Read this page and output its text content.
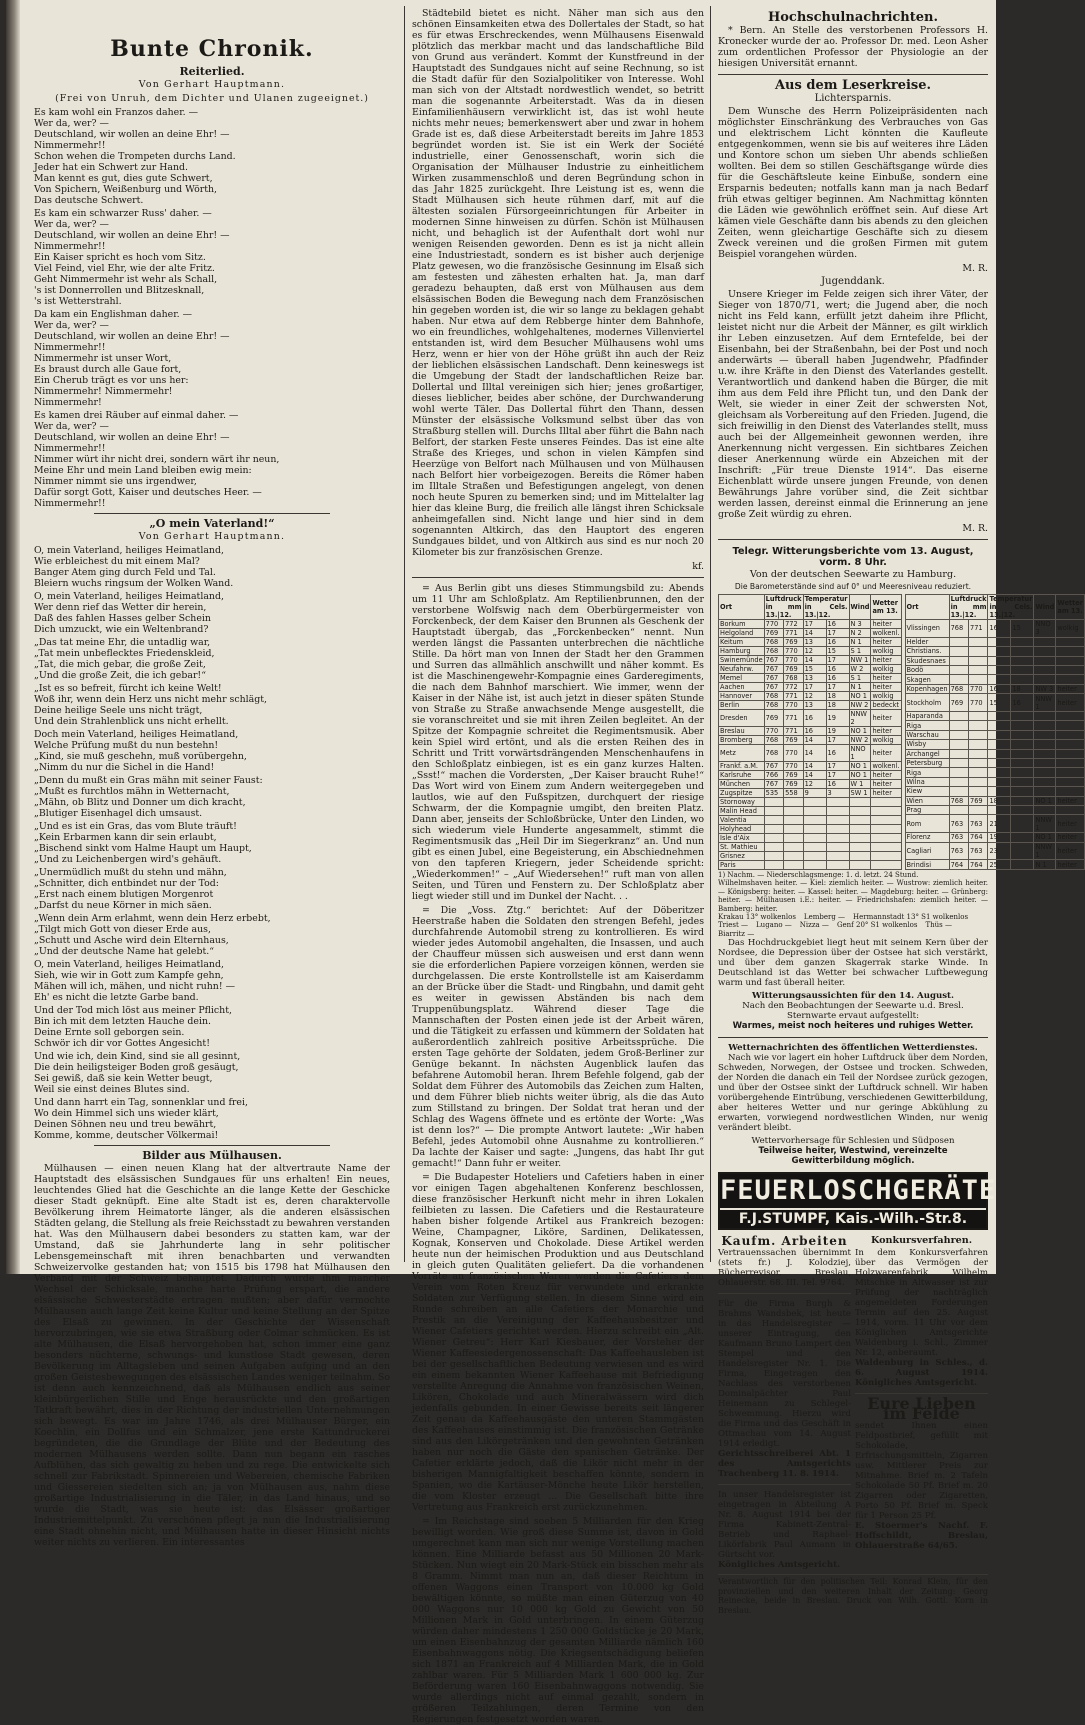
Bunte Chronik.
Reiterlied.
Von Gerhart Hauptmann.
(Frei von Unruh, dem Dichter und Ulanen zugeeignet.)
Es kam wohl ein Franzos daher. —
Wer da, wer? —
Deutschland, wir wollen an deine Ehr! —
Nimmermehr!!
Schon wehen die Trompeten durchs Land.
Jeder hat ein Schwert zur Hand.
Man kennt es gut, dies gute Schwert,
Von Spichern, Weißenburg und Wörth,
Das deutsche Schwert.
Es kam ein schwarzer Russ' daher. —
Wer da, wer? —
Deutschland, wir wollen an deine Ehr! —
Nimmermehr!!
Ein Kaiser spricht es hoch vom Sitz.
Viel Feind, viel Ehr, wie der alte Fritz.
Geht Nimmermehr ist wehr als Schall,
's ist Donnerrollen und Blitzesknall,
's ist Wetterstrahl.
Da kam ein Englishman daher. —
Wer da, wer? —
Deutschland, wir wollen an deine Ehr! —
Nimmermehr!!
Nimmermehr ist unser Wort,
Es braust durch alle Gaue fort,
Ein Cherub trägt es vor uns her:
Nimmermehr! Nimmermehr!
Nimmermehr!
Es kamen drei Räuber auf einmal daher. —
Wer da, wer? —
Deutschland, wir wollen an deine Ehr! —
Nimmermehr!!
Nimmer würt ihr nicht drei, sondern wärt ihr neun,
Meine Ehr und mein Land bleiben ewig mein:
Nimmer nimmt sie uns irgendwer,
Dafür sorgt Gott, Kaiser und deutsches Heer. —
Nimmermehr!!
„O mein Vaterland!“
Von Gerhart Hauptmann.
O, mein Vaterland, heiliges Heimatland,
Wie erbleichest du mit einem Mal?
Banger Atem ging durch Feld und Tal.
Bleiern wuchs ringsum der Wolken Wand.
O, mein Vaterland, heiliges Heimatland,
Wer denn rief das Wetter dir herein,
Daß des fahlen Hasses gelber Schein
Dich umzuckt, wie ein Weltenbrand?
„Das tat meine Ehr, die untadlig war,
„Tat mein unbeflecktes Friedenskleid,
„Tat, die mich gebar, die große Zeit,
„Und die große Zeit, die ich gebar!“
„Ist es so befreit, fürcht ich keine Welt!
Woß ihr, wenn dein Herz uns nicht mehr schlägt,
Deine heilige Seele uns nicht trägt,
Und dein Strahlenblick uns nicht erhellt.
Doch mein Vaterland, heiliges Heimatland,
Welche Prüfung mußt du nun bestehn!
„Kind, sie muß geschehn, muß vorübergehn,
„Nimm du nur die Sichel in die Hand!
„Denn du mußt ein Gras mähn mit seiner Faust:
„Mußt es furchtlos mähn in Wetternacht,
„Mähn, ob Blitz und Donner um dich kracht,
„Blutiger Eisenhagel dich umsaust.
„Und es ist ein Gras, das vom Blute träuft!
„Kein Erbarmen kann dir sein erlaubt,
„Bischend sinkt vom Halme Haupt um Haupt,
„Und zu Leichenbergen wird's gehäuft.
„Unermüdlich mußt du stehn und mähn,
„Schnitter, dich entbindet nur der Tod:
„Erst nach einem blutigen Morgenrot
„Darfst du neue Körner in mich säen.
„Wenn dein Arm erlahmt, wenn dein Herz erbebt,
„Tilgt mich Gott von dieser Erde aus,
„Schutt und Asche wird dein Elternhaus,
„Und der deutsche Name hat gelebt.“
O, mein Vaterland, heiliges Heimatland,
Sieh, wie wir in Gott zum Kampfe gehn,
Mähen will ich, mähen, und nicht ruhn! —
Eh' es nicht die letzte Garbe band.
Und der Tod mich löst aus meiner Pflicht,
Bin ich mit dem letzten Hauche dein.
Deine Ernte soll geborgen sein.
Schwör ich dir vor Gottes Angesicht!
Und wie ich, dein Kind, sind sie all gesinnt,
Die dein heiligsteiger Boden groß gesäugt,
Sei gewiß, daß sie kein Wetter beugt,
Weil sie einst deines Blutes sind.
Und dann harrt ein Tag, sonnenklar und frei,
Wo dein Himmel sich uns wieder klärt,
Deinen Söhnen neu und treu bewährt,
Komme, komme, deutscher Völkermai!
Bilder aus Mülhausen.
Mülhausen — einen neuen Klang hat der altvertraute Name der Hauptstadt des elsässischen Sundgaues für uns erhalten! Ein neues, leuchtendes Glied hat die Geschichte an die lange Kette der Geschicke dieser Stadt geknüpft. Eine alte Stadt ist es, deren charaktervolle Bevölkerung ihrem Heimatorte länger, als die anderen elsässischen Städten gelang, die Stellung als freie Reichsstadt zu bewahren verstanden hat. Was den Mülhausern dabei besonders zu statten kam, war der Umstand, daß sie Jahrhunderte lang in sehr politischer Lebensgemeinschaft mit ihren benachbarten und verwandten Schweizervolke gestanden hat; von 1515 bis 1798 hat Mülhausen den Verband mit der Schweiz behauptet. Dadurch wurde ihm mancher Wechsel der Schicksale, manche harte Prüfung erspart, die andere elsässische Schwesterstädte ertragen mußten; aber dafür vermochte Mülhausen auch lange Zeit keine Kultur und keine Stellung an der Spitze des Elsaß zu gewinnen. In der Geschichte der Wissenschaft hervorzubringen, wie sie etwa Straßburg oder Colmar schmücken. Es ist alte Mülhausen, die Elsaß hervorgehoben hat, schon immer eine ganz besonders nüchterne, schwungs- und kunstlose Stadt gewesen, deren Bevölkerung im Alltagsleben und seinen Aufgaben aufging und an den großen Geistesbewegungen des elsässischen Landes weniger teilnahm. So ist denn auch kennzeichnend, daß als Mülhausen endlich aus seiner kleinbürgerlichen Stille und Enge herausrückte und den großartigen Tatkraft bewährt, dies in der Richtung der industriellen Unternehmungen sich bewegt. Es war im Jahre 1746, als drei Mülhauser Bürger, ein Koechlin, ein Dollfus und ein Schmalzer, jene erste Kattundruckerei begründeten, die die Grundlage der Blüte und der Bedeutung des modernen Mülhausens werden sollte. Dann nun begann ein rasches Aufblühen, das sich gewaltig zu heben und zu rege. Die entwickelte sich schnell zur Fabrikstadt. Spinnereien und Webereien, chemische Fabriken und Giessereien siedelten sich an; ja von Mülhausen aus, nahm diese großartige Industrialisierung in die Täler, in das Land hinaus, und so wurde die Stadt, was sie heute ist: das Elsässer großartiger Industriemittelpunkt. Zu verschönen pflegt ja nun die Industrialisierung eine Stadt ohnehin nicht, und Mülhausen hatte in dieser Hinsicht nichts weiter nichts zu verlieren. Ein interessantes
Städtebild bietet es nicht. Näher man sich aus den schönen Einsamkeiten etwa des Dollertales der Stadt, so hat es für etwas Erschreckendes, wenn Mülhausens Eisenwald plötzlich das merkbar macht und das landschaftliche Bild von Grund aus verändert. Kommt der Kunstfreund in der Hauptstadt des Sundgaues nicht auf seine Rechnung, so ist die Stadt dafür für den Sozialpolitiker von Interesse. Wohl man sich von der Altstadt nordwestlich wendet, so betritt man die sogenannte Arbeiterstadt. Was da in diesen Einfamilienhäusern verwirklicht ist, das ist wohl heute nichts mehr neues; bemerkenswert aber und zwar in hohem Grade ist es, daß diese Arbeiterstadt bereits im Jahre 1853 begründet worden ist. Sie ist ein Werk der Société industrielle, einer Genossenschaft, worin sich die Organisation der Mülhauser Industrie zu einheitlichem Wirken zusammenschloß und deren Begründung schon in das Jahr 1825 zurückgeht. Ihre Leistung ist es, wenn die Stadt Mülhausen sich heute rühmen darf, mit auf die ältesten sozialen Fürsorgeeinrichtungen für Arbeiter in modernen Sinne hinweisen zu dürfen. Schön ist Mülhausen nicht, und behaglich ist der Aufenthalt dort wohl nur wenigen Reisenden geworden. Denn es ist ja nicht allein eine Industriestadt, sondern es ist bisher auch derjenige Platz gewesen, wo die französische Gesinnung im Elsaß sich am festesten und zähesten erhalten hat. Ja, man darf geradezu behaupten, daß erst von Mülhausen aus dem elsässischen Boden die Bewegung nach dem Französischen hin gegeben worden ist, die wir so lange zu beklagen gehabt haben. Nur etwa auf dem Rebberge hinter dem Bahnhofe, wo ein freundliches, wohlgehaltenes, modernes Villenviertel entstanden ist, wird dem Besucher Mülhausens wohl ums Herz, wenn er hier von der Höhe grüßt ihn auch der Reiz der lieblichen elsässischen Landschaft. Denn keineswegs ist die Umgebung der Stadt der landschaftlichen Reize bar. Dollertal und Illtal vereinigen sich hier; jenes großartiger, dieses lieblicher, beides aber schöne, der Durchwanderung wohl werte Täler. Das Dollertal führt den Thann, dessen Münster der elsässische Volksmund selbst über das von Straßburg stellen will. Durchs Illtal aber führt die Bahn nach Belfort, der starken Feste unseres Feindes. Das ist eine alte Straße des Krieges, und schon in vielen Kämpfen sind Heerzüge von Belfort nach Mülhausen und von Mülhausen nach Belfort hier vorbeigezogen. Bereits die Römer haben im Illtale Straßen und Befestigungen angelegt, von denen noch heute Spuren zu bemerken sind; und im Mittelalter lag hier das kleine Burg, die freilich alle längst ihren Schicksale anheimgefallen sind. Nicht lange und hier sind in dem sogenannten Altkirch, das den Hauptort des engeren Sundgaues bildet, und von Altkirch aus sind es nur noch 20 Kilometer bis zur französischen Grenze.
kf.
= Aus Berlin gibt uns dieses Stimmungsbild zu: Abends um 11 Uhr am Schloßplatz. Am Reptilienbrunnen, den der verstorbene Wolfswig nach dem Oberbürgermeister von Forckenbeck, der dem Kaiser den Brunnen als Geschenk der Hauptstadt übergab, das „Forckenbecken“ nennt. Nun werden längst die Passanten unterbrechen die nächtliche Stille. Da hört man von Innen der Stadt her den Grammen und Surren das allmählich anschwillt und näher kommt. Es ist die Maschinengewehr-Kompagnie eines Garderegiments, die nach dem Bahnhof marschiert. Wie immer, wenn der Kaiser in der Nähe ist, ist auch jetzt in dieser späten Stunde von Straße zu Straße anwachsende Menge ausgestellt, die sie voranschreitet und sie mit ihren Zeilen begleitet. An der Spitze der Kompagnie schreitet die Regimentsmusik. Aber kein Spiel wird ertönt, und als die ersten Reihen des in Schritt und Tritt vorwärtsdrängenden Menschenhaufens in den Schloßplatz einbiegen, ist es ein ganz kurzes Halten. „Ssst!“ machen die Vordersten, „Der Kaiser braucht Ruhe!“ Das Wort wird von Einem zum Andern weitergegeben und lautlos, wie auf den Fußspitzen, durchquert der riesige Schwarm, der die Kompagnie umgibt, den breiten Platz. Dann aber, jenseits der Schloßbrücke, Unter den Linden, wo sich wiederum viele Hunderte angesammelt, stimmt die Regimentsmusik das „Heil Dir im Siegerkranz“ an. Und nun gibt es einen Jubel, eine Begeisterung, ein Abschiednehmen von den tapferen Kriegern, jeder Scheidende spricht: „Wiederkommen!“ – „Auf Wiedersehen!“ ruft man von allen Seiten, und Türen und Fenstern zu. Der Schloßplatz aber liegt wieder still und im Dunkel der Nacht. . .
= Die „Voss. Ztg.“ berichtet: Auf der Döberitzer Heerstraße haben die Soldaten den strengen Befehl, jedes durchfahrende Automobil streng zu kontrollieren. Es wird wieder jedes Automobil angehalten, die Insassen, und auch der Chauffeur müssen sich ausweisen und erst dann wenn sie die erforderlichen Papiere vorzeigen können, werden sie durchgelassen. Die erste Kontrollstelle ist am Kaiserdamm an der Brücke über die Stadt- und Ringbahn, und damit geht es weiter in gewissen Abständen bis nach dem Truppenübungsplatz. Während dieser Tage die Mannschaften der Posten einen jede ist der Arbeit wären, und die Tätigkeit zu erfassen und kümmern der Soldaten hat außerordentlich zahlreich positive Arbeitssprüche. Die ersten Tage gehörte der Soldaten, jedem Groß-Berliner zur Genüge bekannt. In nächsten Augenblick laufen das befahrene Automobil heran. Ihrem Befehle folgend, gab der Soldat dem Führer des Automobils das Zeichen zum Halten, und dem Führer blieb nichts weiter übrig, als die das Auto zum Stillstand zu bringen. Der Soldat trat heran und der Schlag des Wagens öffnete und es ertönte der Worte: „Was ist denn los?“ — Die prompte Antwort lautete: „Wir haben Befehl, jedes Automobil ohne Ausnahme zu kontrollieren.“ Da lachte der Kaiser und sagte: „Jungens, das habt Ihr gut gemacht!“ Dann fuhr er weiter.
= Die Budapester Hoteliers und Cafetiers haben in einer vor einigen Tagen abgehaltenen Konferenz beschlossen, diese französischer Herkunft nicht mehr in ihren Lokalen feilbieten zu lassen. Die Cafetiers und die Restaurateure haben bisher folgende Artikel aus Frankreich bezogen: Weine, Champagner, Liköre, Sardinen, Delikatessen, Kognak, Konserven und Chokolade. Diese Artikel werden heute nun der heimischen Produktion und aus Deutschland in gleich guten Qualitäten geliefert. Da die vorhandenen Vorräte an französischen Waren werden die Cafetiers dem Verein vom Roten Kreuz für verwundete und erkrankte Soldaten zur Verfügung stellen. In diesem Sinne wird ein Runde schreiben an alle Cafetiers der Monarchie und Prestik an die Vereinigung der Kaffeehausbesitzer und Wiener Cafetiers gerichtet werden. Hierzu schreibt ein „Alt. Wiener Getreu“: Herr Karl Kiesbauer, der Vorsteher der Wiener Kaffeesiedergenossenschaft: Das Kaffeehausleben ist bei der gesellschaftlichen Bedeutung verwiesen und es wird ein einem bekannten Wiener Kaffeehause mit Befriedigung verstellte Anregung die Annahme von französischen Weinen, Likören, Chokolade und auch Mineralwässern wird dich jedenfalls gebunden. In einer Gewisse bereits seit längerer Zeit genau da Kaffeehausgäste den unteren Stammgästen des Kaffeehauses einstimmig ist. Die französischen Getränke sind aus den Likörgetränken und den gewohnten Getränken haben nur noch die Gäste den spanischen Getränke. Der Cafetier erklärte jedoch, daß die Likör nicht mehr in der bisherigen Mannigfaltigkeit beschaffen könnte, sondern in Spanien, wo die Kartäuser-Mönche heute Likör herstellen, die vom Kloster erzeugt ... Die Gesellschaft bitte ihre Vertretung aus Frankreich erst zurückzunehmen.
= Im Reichstage sind soeben 5 Milliarden für den Krieg bewilligt worden. Wie groß diese Summe ist, davon in Gold umgerechnet kann man sich nur wenige Vorstellung machen können. Eine Milliarde befasst aus 50 Millionen 20 Mark-Stücken. Nun wiegt ein 20 Mark-Stück ein bisschen mehr als 8 Gramm. Nimmt man nun an, daß dieser Reichtum in offenen Waggons einen Transport von 10.000 kg Gold bewältigen könnte, so müßte man einen Güterzug von 40 000 Waggons nur 10 000 kg Gold zu Gewicht von 50 Millionen Mark in Gold unterbringen. In einem Güterzug würden daher mindestens 1 250 000 Goldstücke je 20 Mark, um einen Eisenbahnzug der gesamten Milliarde nämlich 160 Eisenbahnwaggons nötig. Die Kriegsentschädigung beliefen sich 1871 an Frankreich auf 4 Milliarden Mark, die in Gold zahlbar waren. Für 5 Milliarden Mark 1 600 000 kg. Zur Beförderung waren 160 Eisenbahnwaggons notwendig. Sie wurde allerdings nicht auf einmal gezahlt, sondern in größeren Teilzahlungen, deren Termine von den Regierungen festgesetzt worden waren.
Hochschulnachrichten.
* Bern. An Stelle des verstorbenen Professors H. Kronecker wurde der ao. Professor Dr. med. Leon Asher zum ordentlichen Professor der Physiologie an der hiesigen Universität ernannt.
Aus dem Leserkreise.
Lichtersparnis.
Dem Wunsche des Herrn Polizeipräsidenten nach möglichster Einschränkung des Verbrauches von Gas und elektrischem Licht könnten die Kaufleute entgegenkommen, wenn sie bis auf weiteres ihre Läden und Kontore schon um sieben Uhr abends schließen wollten. Bei dem so stillen Geschäftsgange würde dies für die Geschäftsleute keine Einbuße, sondern eine Ersparnis bedeuten; notfalls kann man ja nach Bedarf früh etwas geltiger beginnen. Am Nachmittag könnten die Läden wie gewöhnlich eröffnet sein. Auf diese Art kämen viele Geschäfte dann bis abends zu den gleichen Zeiten, wenn gleichartige Geschäfte sich zu diesem Zweck vereinen und die großen Firmen mit gutem Beispiel vorangehen würden.
M. R.
Jugenddank.
Unsere Krieger im Felde zeigen sich ihrer Väter, der Sieger von 1870/71, wert; die Jugend aber, die noch nicht ins Feld kann, erfüllt jetzt daheim ihre Pflicht, leistet nicht nur die Arbeit der Männer, es gilt wirklich ihr Leben einzusetzen. Auf dem Erntefelde, bei der Eisenbahn, bei der Straßenbahn, bei der Post und noch anderwärts — überall haben Jugendwehr, Pfadfinder u.w. ihre Kräfte in den Dienst des Vaterlandes gestellt. Verantwortlich und dankend haben die Bürger, die mit ihm aus dem Feld ihre Pflicht tun, und den Dank der Welt, sie wieder in einer Zeit der schwersten Not, gleichsam als Vorbereitung auf den Frieden. Jugend, die sich freiwillig in den Dienst des Vaterlandes stellt, muss auch bei der Allgemeinheit gewonnen werden, ihre Anerkennung nicht vergessen. Ein sichtbares Zeichen dieser Anerkennung würde ein Abzeichen mit der Inschrift: „Für treue Dienste 1914“. Das eiserne Eichenblatt würde unsere jungen Freunde, von denen Bewährungs Jahre vorüber sind, die Zeit sichtbar werden lassen, dereinst einmal die Erinnerung an jene große Zeit würdig zu ehren.
M. R.
Telegr. Witterungsberichte vom 13. August, vorm. 8 Uhr.
Von der deutschen Seewarte zu Hamburg.
Die Barometerstände sind auf 0° und Meeresniveau reduziert.
Ort	Luftdruck in mm 13.|12.		Temperatur in Cels. 13.|12.		Wind	Wetter am 13.
Borkum	770	772	17	16	N 3	heiter
Helgoland	769	771	14	17	N 2	wolkenl.
Keitum	768	769	13	16	N 1	heiter
Hamburg	768	770	12	15	S 1	wolkig
Swinemünde	767	770	14	17	NW 1	heiter
Neufahrw.	767	769	15	16	W 2	wolkig
Memel	767	768	13	16	S 1	heiter
Aachen	767	772	17	17	N 1	heiter
Hannover	768	771	12	18	NO 1	wolkig
Berlin	768	770	13	18	NW 2	bedeckt
Dresden	769	771	16	19	NNW 2	heiter
Breslau	770	771	16	19	NO 1	heiter
Bromberg	768	769	14	17	NW 2	wolkig
Metz	768	770	14	16	NNO 1	heiter
Frankf. a.M.	767	770	14	17	NO 1	wolkenl.
Karlsruhe	766	769	14	17	NO 1	heiter
München	767	769	12	16	W 1	heiter
Zugspitze	535	558	9	3	SW 1	heiter
Stornoway						
Malin Head						
Valentia						
Holyhead						
Isle d'Aix						
St. Mathieu						
Grisnez						
Paris						
Ort	Luftdruck in mm 13.|12.		Temperatur in Cels. 13.|12.		Wind	Wetter am 13.
Vlissingen	768	771	16	15	NNO 3	wolkig
Helder						
Christians.						
Skudesnaes						
Bodö						
Skagen						
Kopenhagen	768	770	16	18	NW 3	heiter
Stockholm	769	770	15	16	NNW 1	heiter
Haparanda						
Riga						
Warschau						
Wisby						
Archangel						
Petersburg						
Riga						
Wilna						
Kiew						
Wien	768	769	18		NO 1	heiter
Prag						
Rom	763	763	21		NNW 1	heiter
Florenz	763	764	19		NO 1	heiter
Cagliari	763	763	23		NNW 1	heiter
Brindisi	764	764	25		N 1	heiter
1) Nachm. — Niederschlagsmenge: 1. d. letzt. 24 Stund.
Wilhelmshaven heiter. — Kiel: ziemlich heiter. — Wustrow: ziemlich heiter. — Königsberg: heiter. — Kassel: heiter. — Magdeburg: heiter. — Grünberg: heiter. — Mülhausen i.E.: heiter. — Friedrichshafen: ziemlich heiter. — Bamberg: heiter.
Krakau 13° wolkenlos Lemberg — Hermannstadt 13° S1 wolkenlos
Triest — Lugano — Nizza — Genf 20° S1 wolkenlos Thüs —
Biarritz —
Das Hochdruckgebiet liegt heut mit seinem Kern über der Nordsee, die Depression über der Ostsee hat sich verstärkt, und über dem ganzen Skagerrak starke Winde. In Deutschland ist das Wetter bei schwacher Luftbewegung warm und fast überall heiter.
Witterungsaussichten für den 14. August.
Nach den Beobachtungen der Seewarte u.d. Bresl. Sternwarte ervaut aufgestellt:
Warmes, meist noch heiteres und ruhiges Wetter.
Wetternachrichten des öffentlichen Wetterdienstes.
Nach wie vor lagert ein hoher Luftdruck über dem Norden, Schweden, Norwegen, der Ostsee und trocken. Schweden, der Norden die danach ein Teil der Nordsee zurück gezogen, und über der Ostsee sinkt der Luftdruck schnell. Wir haben vorübergehende Eintrübung, verschiedenen Gewitterbildung, aber heiteres Wetter und nur geringe Abkühlung zu erwarten, vorwiegend nordwestlichen Winden, nur wenig verändert bleibt.
Wettervorhersage für Schlesien und Südposen
Teilweise heiter, Westwind, vereinzelte Gewitterbildung möglich.
FEUERLOSCHGERÄTE
F.J.STUMPF, Kais.-Wilh.-Str.8.
Kaufm. Arbeiten
Vertrauenssachen übernimmt (stets fr.) J. Kolodziej, Bücherrevisor, Breslau, Ohlauerstr. 68. III. Tel. 9764.
Für die Firma Burgh & Brahms Wandsbek, ist heute in das Handelsregister — unserer Eintragung, den Kaufmann Bruno Lampert den Stempel und den Handelsregister Nr. 1. Die Firma, Eingetragen den Nachlass des verstorbenen Dominalpächter Paul Heinemann zu Schlegel-Schwemmung. Hierzu wird die Firma und das Geschäft in Ottmachau vom 14. August 1914 erledigt.
Gerichtsschreiberei Abt. 1 des Amtsgerichts Trachenberg 11. 8. 1914.
In unser Handelsregister ist eingetragen in Abteilung A Nr. 8. August 1914 bei der Firma Kabinett-Zentral-Betrieb und Raphael-Likörfabrik Paul Aumann in Gürtscht vor.
Königliches Amtsgericht.
Konkursverfahren.
In dem Konkursverfahren über das Vermögen der Holzwarenfabrik Wilhelm Mitschke in Altwasser ist zur Prüfung der nachträglich angemeldeten Forderungen Termin auf den 25. August 1914, vorm. 11 Uhr vor dem Königlichen Amtsgerichte Waldenburg i. Schl., Zimmer Nr. 12, anberaumt.
Waldenburg in Schles., d. 6. August 1914. Königliches Amtsgericht.
Eure Lieben im Felde
sendet Ihnen einen Feldpostbrief, gefüllt mit Schokolade, Erfrischungsmitteln, Zigarren usw. Mittlerer Preis zur Mitnahme. Brief m. 2 Tafeln Schokolade 50 Pf. Brief m. 20 Zigarren oder Zigaretten, Porto 50 Pf. Brief m. Speck für 1 Person 25 Pf.
E. Stoermer's Nachf. F. Hoffschildt, Breslau, Ohlauerstraße 64/65.
Verantwortlich für den politischen Teil: Konrad Klein, für den provinziellen und den weiteren Inhalt der Zeitung: Georg Reinecke, beide in Breslau. Druck von Wilh. Gottl. Korn in Breslau.
